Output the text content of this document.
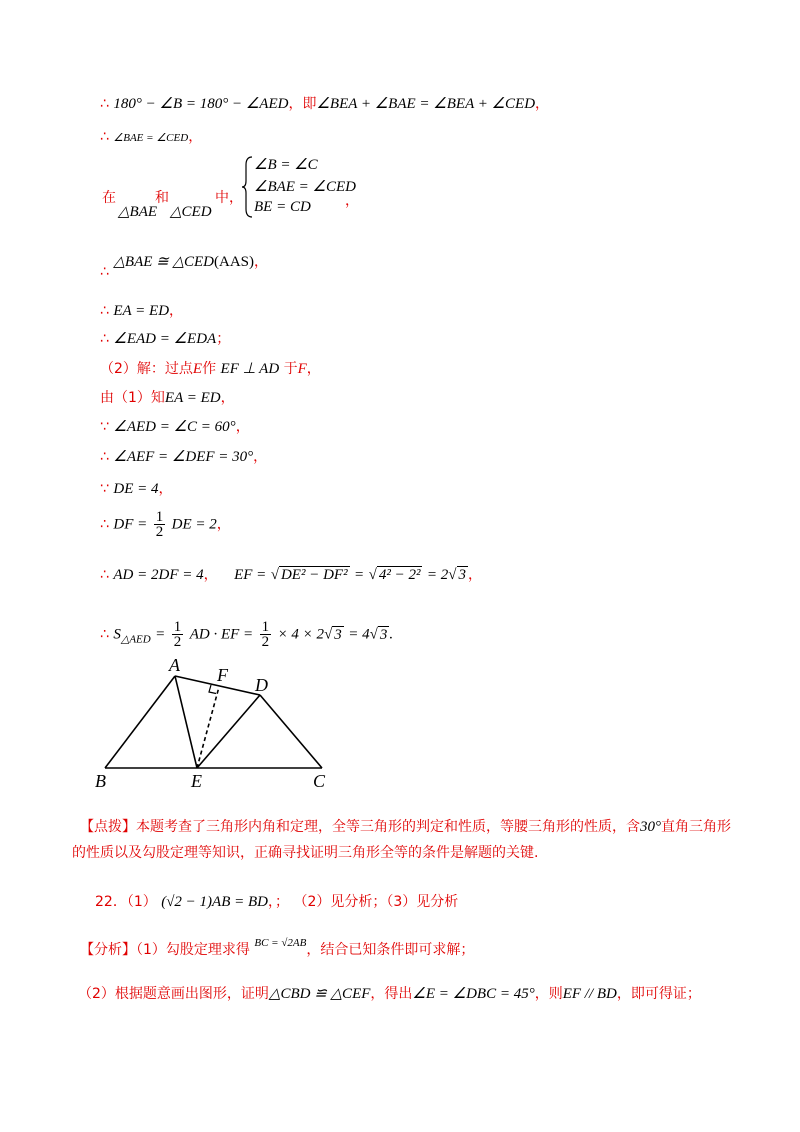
∴ 180° − ∠B = 180° − ∠AED，即∠BEA + ∠BAE = ∠BEA + ∠CED，
∴ ∠BAE = ∠CED，
在
△BAE
和
△CED
中，
∠B = ∠C
∠BAE = ∠CED
BE = CD ，
∴ △BAE ≅ △CED(AAS)，
∴ EA = ED，
∴ ∠EAD = ∠EDA；
（2）解：过点E作 EF ⊥ AD 于F，
由（1）知EA = ED，
∵ ∠AED = ∠C = 60°，
∴ ∠AEF = ∠DEF = 30°，
∵ DE = 4，
∴ DF = $\frac{1}{2}$ DE = 2，
∴ AD = 2DF = 4， EF = √ DE² − DF² = √ 4² − 2² = 2√ 3 ，
∴ $S_{\triangle AED} = \frac{1}{2}$ AD · EF = $\frac{1}{2} \times 4 \times 2√$ 3 = 4√ 3 .
A
B	C
D
E
F
【点拨】本题考查了三角形内角和定理，全等三角形的判定和性质，等腰三角形的性质，含30°直角三角形的性质以及勾股定理等知识，正确寻找证明三角形全等的条件是解题的关键.
22．（1） (√2 − 1)AB = BD，； （2）见分析；（3）见分析
【分析】（1）勾股定理求得 $^{BC = √2AB}$，结合已知条件即可求解；
（2）根据题意画出图形，证明△CBD ≌ △CEF，得出∠E = ∠DBC = 45°，则EF // BD，即可得证；
